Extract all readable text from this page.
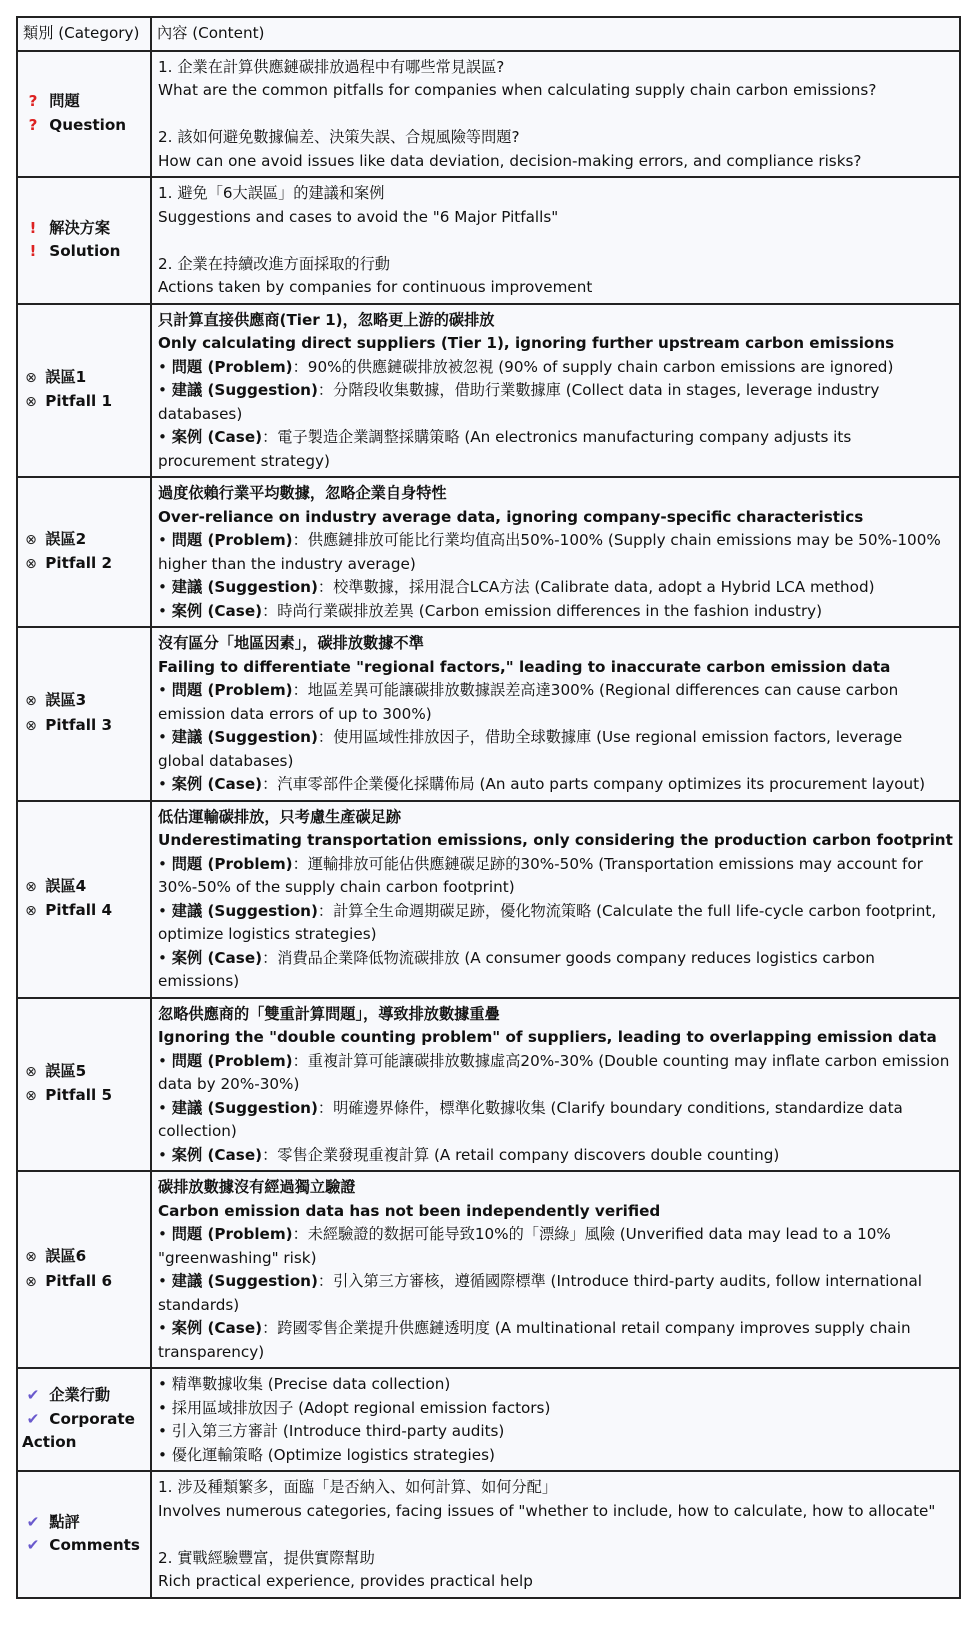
類別 (Category)	內容 (Content)

? 問題
? Question	1. 企業在計算供應鏈碳排放過程中有哪些常見誤區?
What are the common pitfalls for companies when calculating supply chain carbon emissions?
2. 該如何避免數據偏差、決策失誤、合規風險等問題?
How can one avoid issues like data deviation, decision-making errors, and compliance risks?

! 解決方案
! Solution	1. 避免「6大誤區」的建議和案例
Suggestions and cases to avoid the "6 Major Pitfalls"
2. 企業在持續改進方面採取的行動
Actions taken by companies for continuous improvement

⊗ 誤區1
⊗ Pitfall 1	只計算直接供應商(Tier 1)，忽略更上游的碳排放
Only calculating direct suppliers (Tier 1), ignoring further upstream carbon emissions
• 問題 (Problem)：90%的供應鏈碳排放被忽視 (90% of supply chain carbon emissions are ignored)
• 建議 (Suggestion)：分階段收集數據，借助行業數據庫 (Collect data in stages, leverage industry databases)
• 案例 (Case)：電子製造企業調整採購策略 (An electronics manufacturing company adjusts its procurement strategy)

⊗ 誤區2
⊗ Pitfall 2	過度依賴行業平均數據，忽略企業自身特性
Over-reliance on industry average data, ignoring company-specific characteristics
• 問題 (Problem)：供應鏈排放可能比行業均值高出50%-100% (Supply chain emissions may be 50%-100% higher than the industry average)
• 建議 (Suggestion)：校準數據，採用混合LCA方法 (Calibrate data, adopt a Hybrid LCA method)
• 案例 (Case)：時尚行業碳排放差異 (Carbon emission differences in the fashion industry)

⊗ 誤區3
⊗ Pitfall 3	沒有區分「地區因素」，碳排放數據不準
Failing to differentiate "regional factors," leading to inaccurate carbon emission data
• 問題 (Problem)：地區差異可能讓碳排放數據誤差高達300% (Regional differences can cause carbon emission data errors of up to 300%)
• 建議 (Suggestion)：使用區域性排放因子，借助全球數據庫 (Use regional emission factors, leverage global databases)
• 案例 (Case)：汽車零部件企業優化採購佈局 (An auto parts company optimizes its procurement layout)

⊗ 誤區4
⊗ Pitfall 4	低估運輸碳排放，只考慮生產碳足跡
Underestimating transportation emissions, only considering the production carbon footprint
• 問題 (Problem)：運輸排放可能佔供應鏈碳足跡的30%-50% (Transportation emissions may account for 30%-50% of the supply chain carbon footprint)
• 建議 (Suggestion)：計算全生命週期碳足跡，優化物流策略 (Calculate the full life-cycle carbon footprint, optimize logistics strategies)
• 案例 (Case)：消費品企業降低物流碳排放 (A consumer goods company reduces logistics carbon emissions)

⊗ 誤區5
⊗ Pitfall 5	忽略供應商的「雙重計算問題」，導致排放數據重疊
Ignoring the "double counting problem" of suppliers, leading to overlapping emission data
• 問題 (Problem)：重複計算可能讓碳排放數據虛高20%-30% (Double counting may inflate carbon emission data by 20%-30%)
• 建議 (Suggestion)：明確邊界條件，標準化數據收集 (Clarify boundary conditions, standardize data collection)
• 案例 (Case)：零售企業發現重複計算 (A retail company discovers double counting)

⊗ 誤區6
⊗ Pitfall 6	碳排放數據沒有經過獨立驗證
Carbon emission data has not been independently verified
• 問題 (Problem)：未經驗證的数据可能导致10%的「漂綠」風險 (Unverified data may lead to a 10% "greenwashing" risk)
• 建議 (Suggestion)：引入第三方審核，遵循國際標準 (Introduce third-party audits, follow international standards)
• 案例 (Case)：跨國零售企業提升供應鏈透明度 (A multinational retail company improves supply chain transparency)

✔ 企業行動
✔ Corporate Action	• 精準數據收集 (Precise data collection)
• 採用區域排放因子 (Adopt regional emission factors)
• 引入第三方審計 (Introduce third-party audits)
• 優化運輸策略 (Optimize logistics strategies)

✔ 點評
✔ Comments	1. 涉及種類繁多，面臨「是否納入、如何計算、如何分配」
Involves numerous categories, facing issues of "whether to include, how to calculate, how to allocate"
2. 實戰經驗豐富，提供實際幫助
Rich practical experience, provides practical help
